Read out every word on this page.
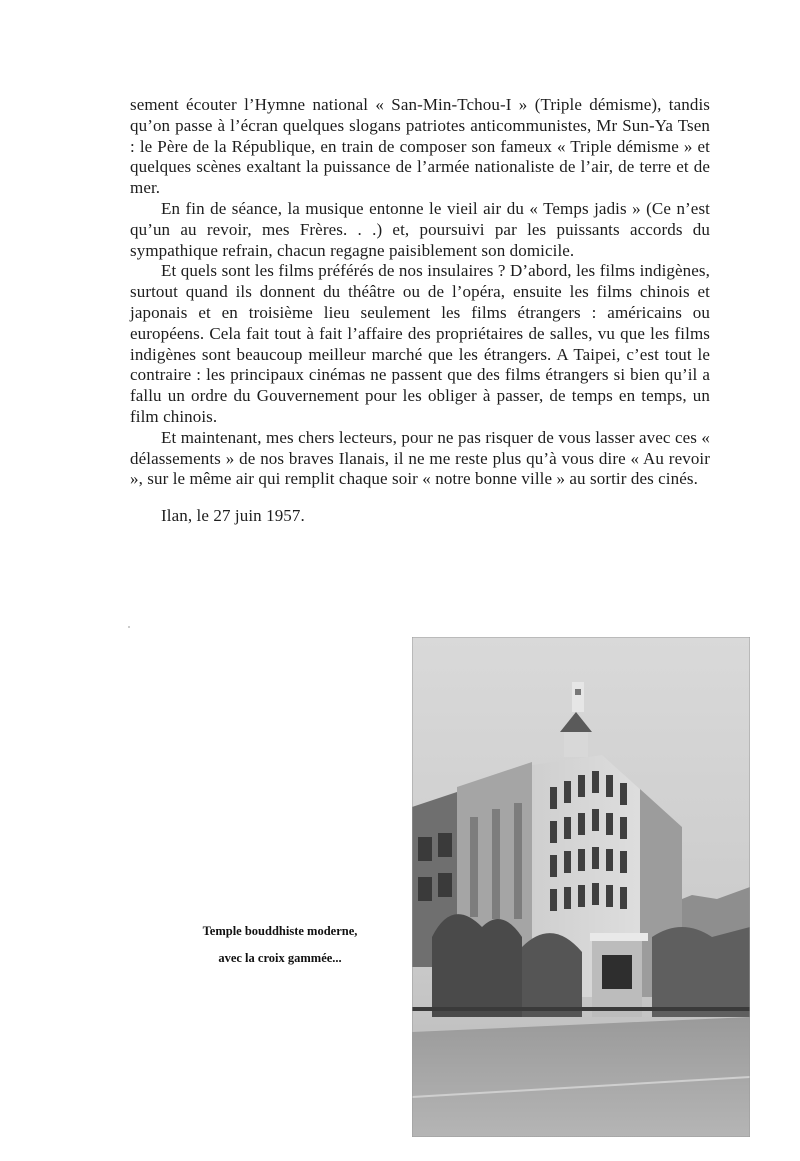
sement écouter l’Hymne national « San-Min-Tchou-I » (Triple démisme), tandis qu’on passe à l’écran quelques slogans patriotes anticommunistes, Mr Sun-Ya Tsen : le Père de la République, en train de composer son fameux « Triple démisme » et quelques scènes exaltant la puissance de l’armée nationaliste de l’air, de terre et de mer.

En fin de séance, la musique entonne le vieil air du « Temps jadis » (Ce n’est qu’un au revoir, mes Frères. . .) et, poursuivi par les puissants accords du sympathique refrain, chacun regagne paisiblement son domicile.

Et quels sont les films préférés de nos insulaires ? D’abord, les films indigènes, surtout quand ils donnent du théâtre ou de l’opéra, ensuite les films chinois et japonais et en troisième lieu seulement les films étrangers : américains ou européens. Cela fait tout à fait l’affaire des propriétaires de salles, vu que les films indigènes sont beaucoup meilleur marché que les étrangers. A Taipei, c’est tout le contraire : les principaux cinémas ne passent que des films étrangers si bien qu’il a fallu un ordre du Gouvernement pour les obliger à passer, de temps en temps, un film chinois.

Et maintenant, mes chers lecteurs, pour ne pas risquer de vous lasser avec ces « délassements » de nos braves Ilanais, il ne me reste plus qu’à vous dire « Au revoir », sur le même air qui remplit chaque soir « notre bonne ville » au sortir des cinés.

Ilan, le 27 juin 1957.

Temple bouddhiste moderne,
avec la croix gammée...
